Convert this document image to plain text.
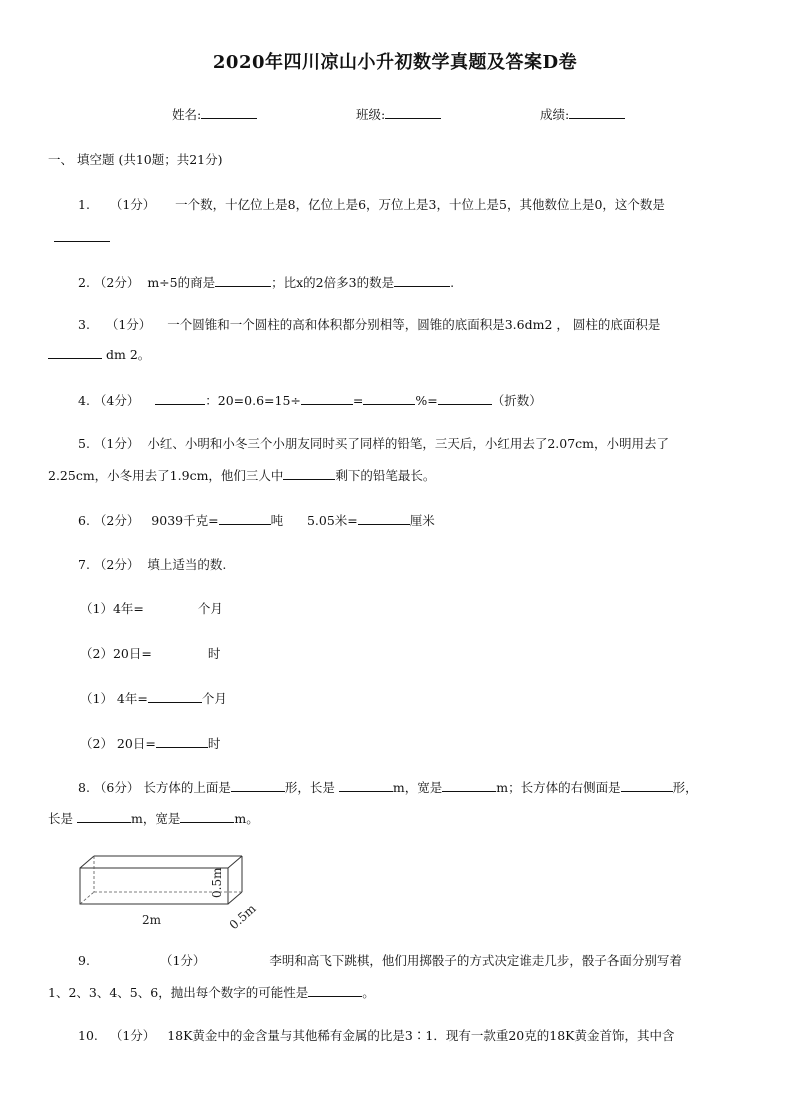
2020年四川凉山小升初数学真题及答案D卷
姓名:	班级:	成绩:
一、 填空题 (共10题；共21分)
1. （1分） 一个数，十亿位上是8，亿位上是6，万位上是3，十位上是5，其他数位上是0，这个数是
2. （2分） m÷5的商是	；比x的2倍多3的数是	.
3. （1分） 一个圆锥和一个圆柱的高和体积都分别相等，圆锥的底面积是3.6dm2 ， 圆柱的底面积是
dm 2。
4. （4分）	：20=0.6=15÷	=	%=	（折数）
5. （1分） 小红、小明和小冬三个小朋友同时买了同样的铅笔，三天后，小红用去了2.07cm，小明用去了
2.25cm，小冬用去了1.9cm，他们三人中	剩下的铅笔最长。
6. （2分） 9039千克=	吨 5.05米=	厘米
7. （2分） 填上适当的数.
（1）4年=	个月
（2）20日=	时
（1） 4年=	个月
（2） 20日=	时
8. （6分） 长方体的上面是	形，长是	m，宽是	m；长方体的右侧面是	形，
长是	m，宽是	m。
2m
0.5m
0.5m
9.	（1分）	李明和高飞下跳棋，他们用掷骰子的方式决定谁走几步，骰子各面分别写着
1、2、3、4、5、6，抛出每个数字的可能性是	。
10. （1分） 18K黄金中的金含量与其他稀有金属的比是3∶1．现有一款重20克的18K黄金首饰，其中含
